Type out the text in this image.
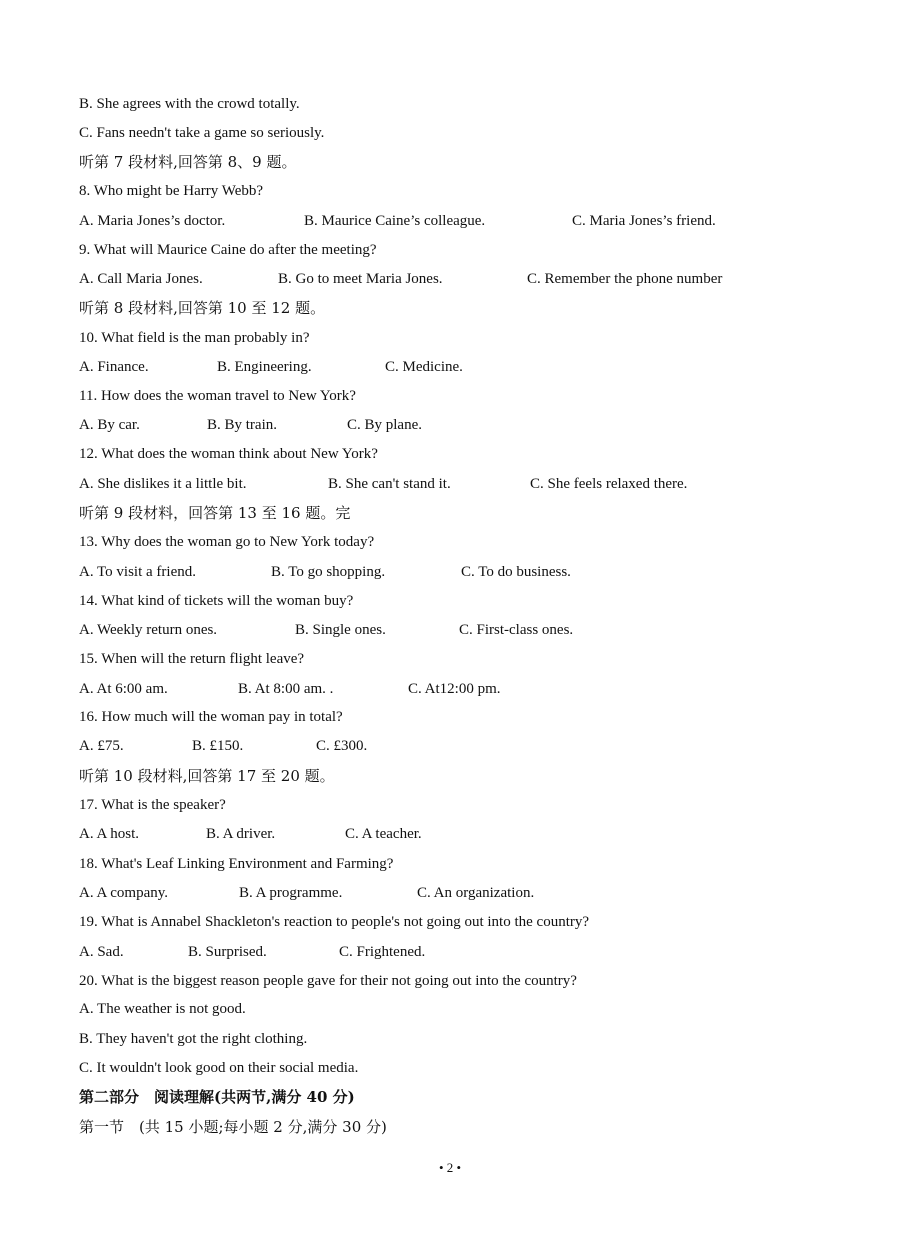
B. She agrees with the crowd totally.
C. Fans needn't take a game so seriously.
听第 7 段材料,回答第 8、9 题。
8. Who might be Harry Webb?
A. Maria Jones’s doctor.	B. Maurice Caine’s colleague.	C. Maria Jones’s friend.
9. What will Maurice Caine do after the meeting?
A. Call Maria Jones.	B. Go to meet Maria Jones.	C. Remember the phone number
听第 8 段材料,回答第 10 至 12 题。
10. What field is the man probably in?
A. Finance.	B. Engineering.	C. Medicine.
11. How does the woman travel to New York?
A. By car.	B. By train.	C. By plane.
12. What does the woman think about New York?
A. She dislikes it a little bit.	B. She can't stand it.	C. She feels relaxed there.
听第 9 段材料，回答第 13 至 16 题。完
13. Why does the woman go to New York today?
A. To visit a friend.	B. To go shopping.	C. To do business.
14. What kind of tickets will the woman buy?
A. Weekly return ones.	B. Single ones.	C. First-class ones.
15. When will the return flight leave?
A. At 6:00 am.	B. At 8:00 am. .	C. At12:00 pm.
16. How much will the woman pay in total?
A. £75.	B. £150.	C. £300.
听第 10 段材料,回答第 17 至 20 题。
17. What is the speaker?
A. A host.	B. A driver.	C. A teacher.
18. What's Leaf Linking Environment and Farming?
A. A company.	B. A programme.	C. An organization.
19. What is Annabel Shackleton's reaction to people's not going out into the country?
A. Sad.	B. Surprised.	C. Frightened.
20. What is the biggest reason people gave for their not going out into the country?
A. The weather is not good.
B. They haven't got the right clothing.
C. It wouldn't look good on their social media.
第二部分　阅读理解(共两节,满分 40 分)
第一节　(共 15 小题;每小题 2 分,满分 30 分)
• 2 •
